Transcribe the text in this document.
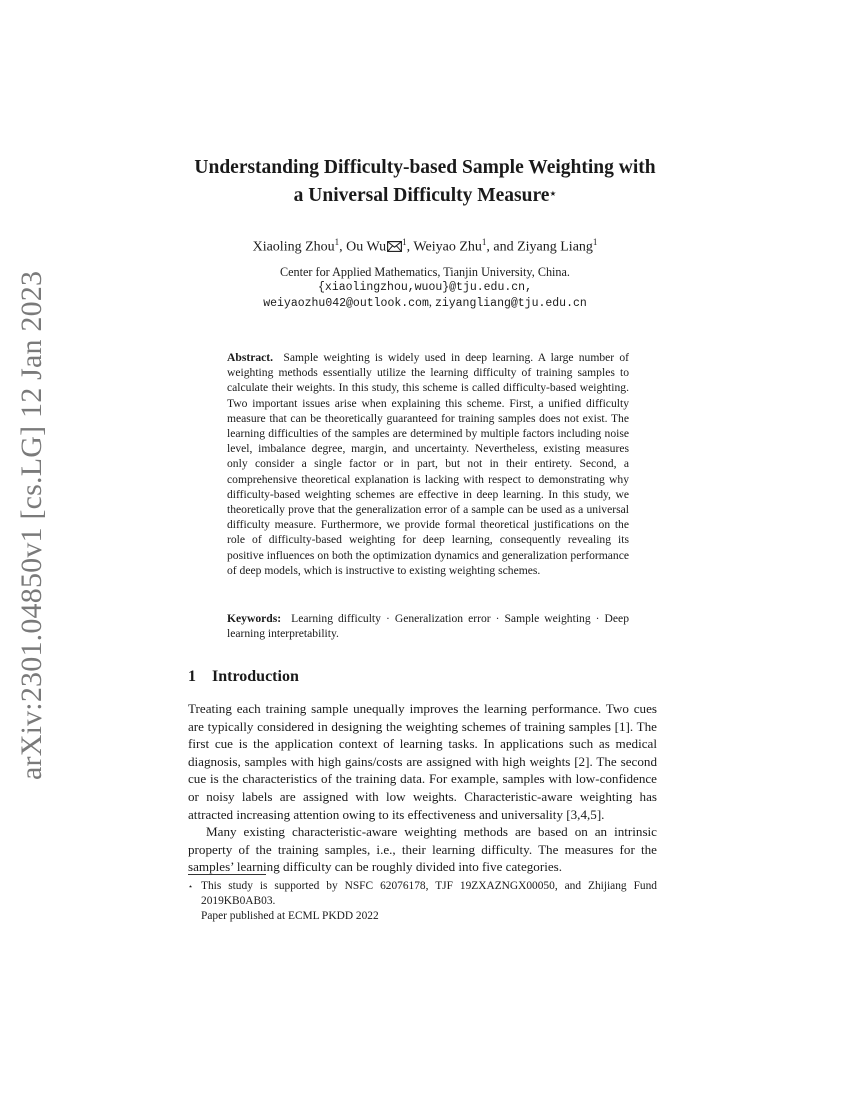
arXiv:2301.04850v1 [cs.LG] 12 Jan 2023
Understanding Difficulty-based Sample Weighting with
a Universal Difficulty Measure⋆
Xiaoling Zhou$^1$, Ou Wu $^1$, Weiyao Zhu$^1$, and Ziyang Liang$^1$
Center for Applied Mathematics, Tianjin University, China.
{xiaolingzhou,wuou}@tju.edu.cn,
weiyaozhu042@outlook.com, ziyangliang@tju.edu.cn
Abstract. Sample weighting is widely used in deep learning. A large number of weighting methods essentially utilize the learning difficulty of training samples to calculate their weights. In this study, this scheme is called difficulty-based weighting. Two important issues arise when explaining this scheme. First, a unified difficulty measure that can be theoretically guaranteed for training samples does not exist. The learning difficulties of the samples are determined by multiple factors including noise level, imbalance degree, margin, and uncertainty. Nevertheless, existing measures only consider a single factor or in part, but not in their entirety. Second, a comprehensive theoretical explanation is lacking with respect to demonstrating why difficulty-based weighting schemes are effective in deep learning. In this study, we theoretically prove that the generalization error of a sample can be used as a universal difficulty measure. Furthermore, we provide formal theoretical justifications on the role of difficulty-based weighting for deep learning, consequently revealing its positive influences on both the optimization dynamics and generalization performance of deep models, which is instructive to existing weighting schemes.
Keywords: Learning difficulty · Generalization error · Sample weighting · Deep learning interpretability.
1 Introduction

Treating each training sample unequally improves the learning performance. Two cues are typically considered in designing the weighting schemes of training samples [1]. The first cue is the application context of learning tasks. In applications such as medical diagnosis, samples with high gains/costs are assigned with high weights [2]. The second cue is the characteristics of the training data. For example, samples with low-confidence or noisy labels are assigned with low weights. Characteristic-aware weighting has attracted increasing attention owing to its effectiveness and universality [3,4,5].

Many existing characteristic-aware weighting methods are based on an intrinsic property of the training samples, i.e., their learning difficulty. The measures for the samples’ learning difficulty can be roughly divided into five categories.

⋆ This study is supported by NSFC 62076178, TJF 19ZXAZNGX00050, and Zhijiang Fund 2019KB0AB03.
Paper published at ECML PKDD 2022
